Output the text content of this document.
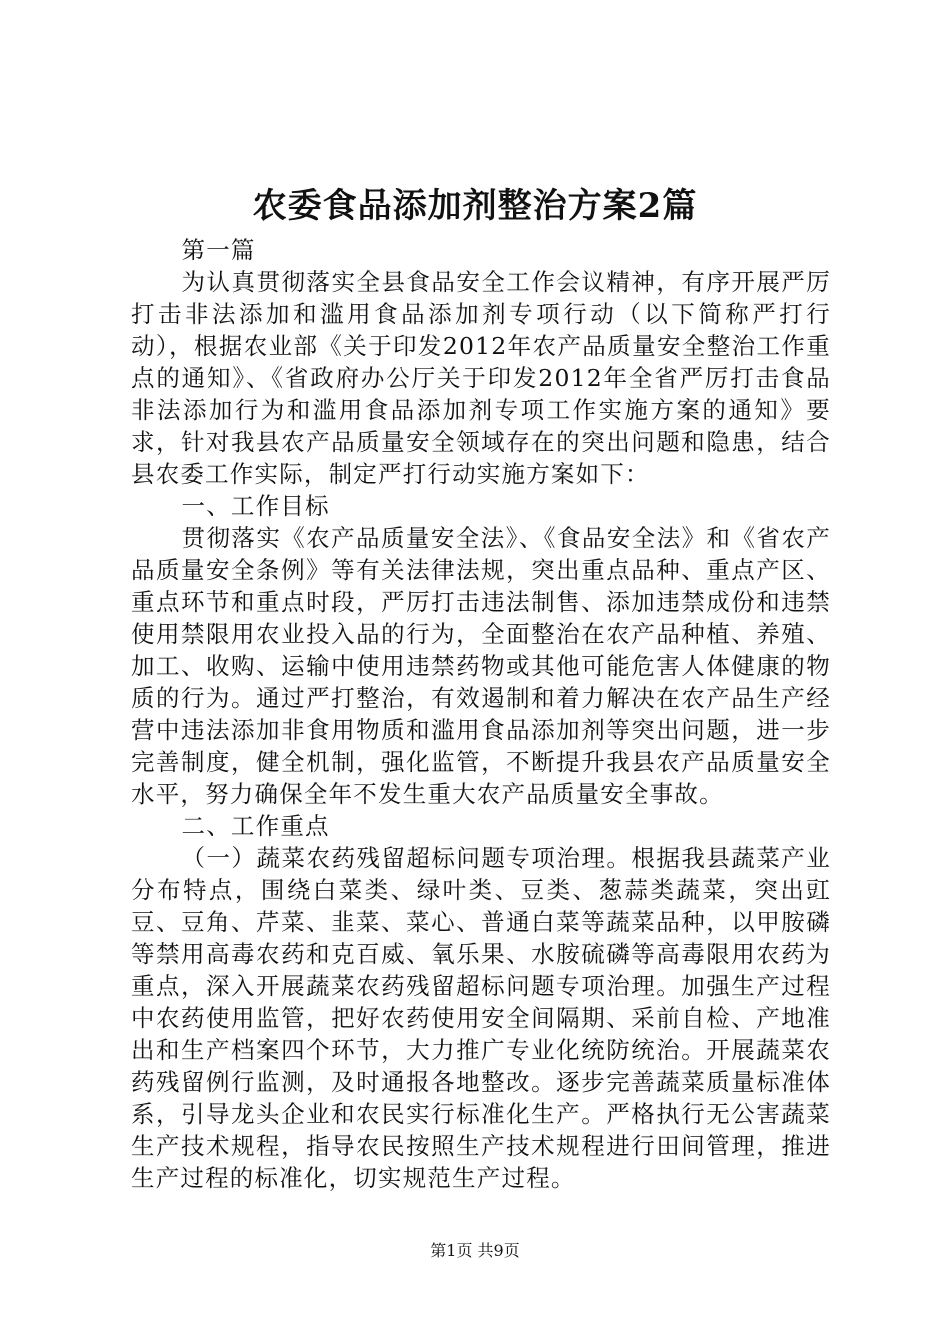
农委食品添加剂整治方案2篇

第一篇

为认真贯彻落实全县食品安全工作会议精神，有序开展严厉打击非法添加和滥用食品添加剂专项行动（以下简称严打行动），根据农业部《关于印发2012年农产品质量安全整治工作重点的通知》、《省政府办公厅关于印发2012年全省严厉打击食品非法添加行为和滥用食品添加剂专项工作实施方案的通知》要求，针对我县农产品质量安全领域存在的突出问题和隐患，结合县农委工作实际，制定严打行动实施方案如下：

一、工作目标

贯彻落实《农产品质量安全法》、《食品安全法》和《省农产品质量安全条例》等有关法律法规，突出重点品种、重点产区、重点环节和重点时段，严厉打击违法制售、添加违禁成份和违禁使用禁限用农业投入品的行为，全面整治在农产品种植、养殖、加工、收购、运输中使用违禁药物或其他可能危害人体健康的物质的行为。通过严打整治，有效遏制和着力解决在农产品生产经营中违法添加非食用物质和滥用食品添加剂等突出问题，进一步完善制度，健全机制，强化监管，不断提升我县农产品质量安全水平，努力确保全年不发生重大农产品质量安全事故。

二、工作重点

（一）蔬菜农药残留超标问题专项治理。根据我县蔬菜产业分布特点，围绕白菜类、绿叶类、豆类、葱蒜类蔬菜，突出豇豆、豆角、芹菜、韭菜、菜心、普通白菜等蔬菜品种，以甲胺磷等禁用高毒农药和克百威、氧乐果、水胺硫磷等高毒限用农药为重点，深入开展蔬菜农药残留超标问题专项治理。加强生产过程中农药使用监管，把好农药使用安全间隔期、采前自检、产地准出和生产档案四个环节，大力推广专业化统防统治。开展蔬菜农药残留例行监测，及时通报各地整改。逐步完善蔬菜质量标准体系，引导龙头企业和农民实行标准化生产。严格执行无公害蔬菜生产技术规程，指导农民按照生产技术规程进行田间管理，推进生产过程的标准化，切实规范生产过程。

第1页 共9页
